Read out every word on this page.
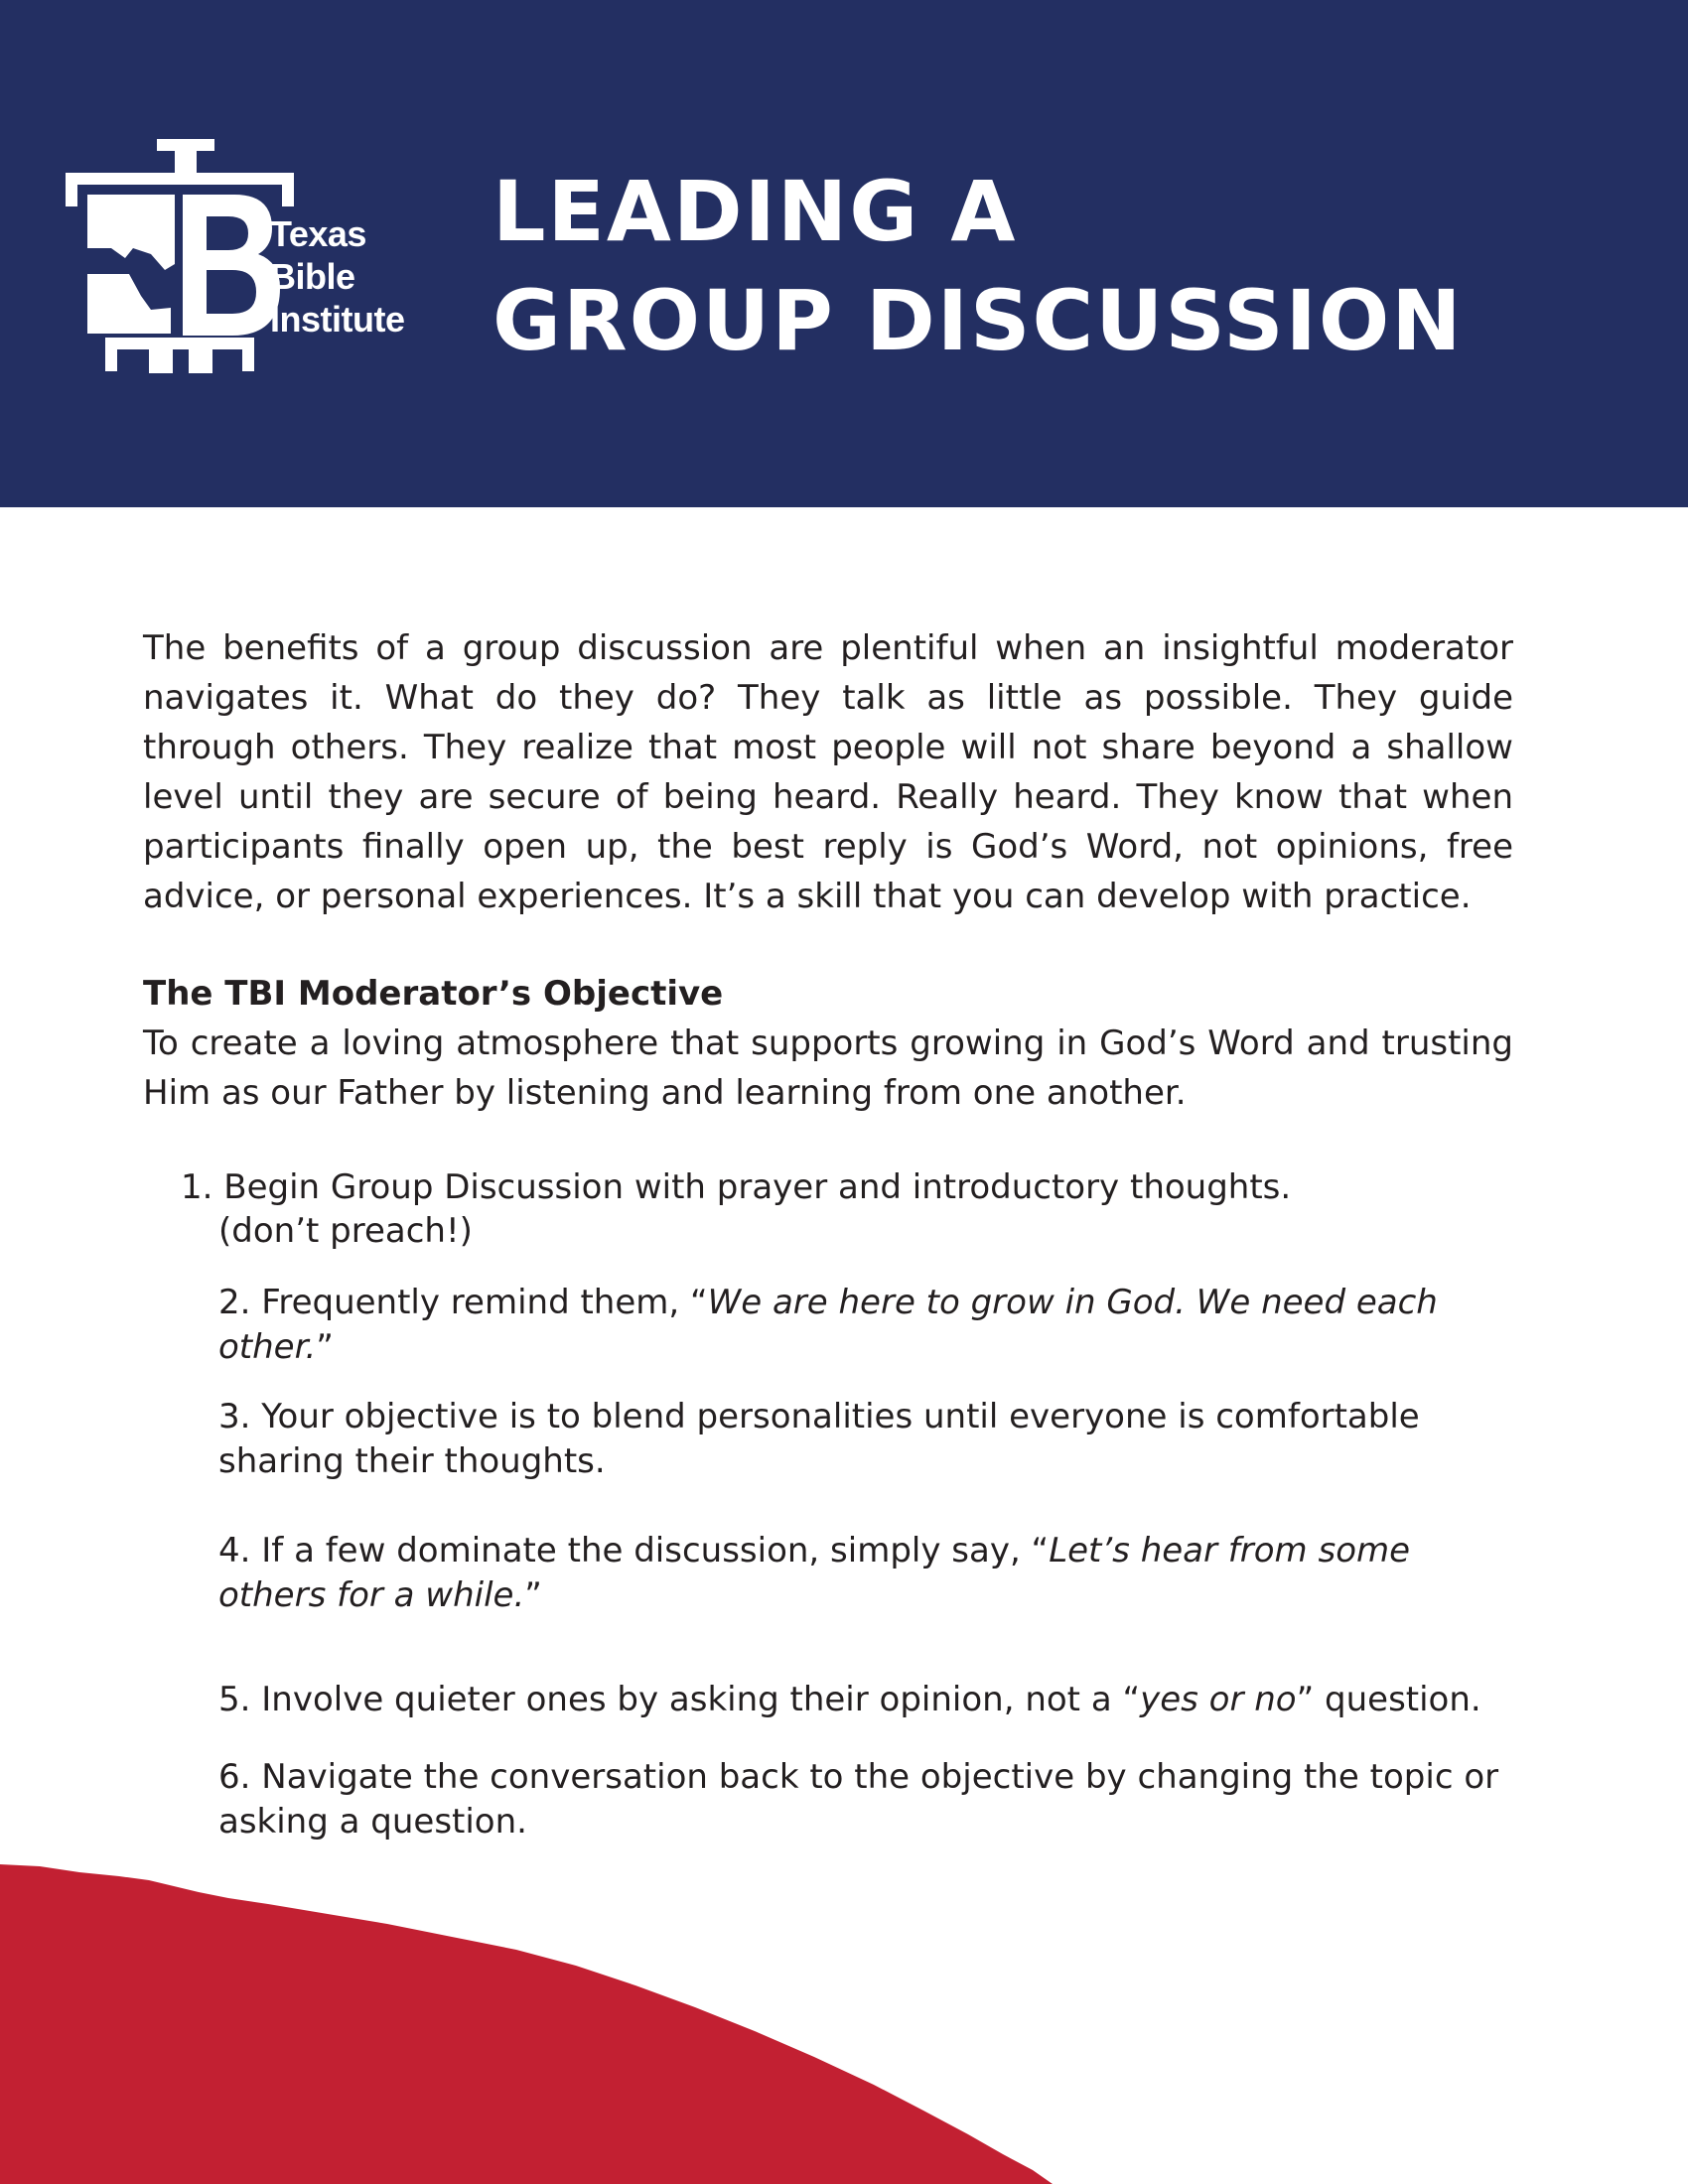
Texas
Bible
Institute
LEADING A
GROUP DISCUSSION

The benefits of a group discussion are plentiful when an insightful moderator navigates it. What do they do? They talk as little as possible. They guide through others. They realize that most people will not share beyond a shallow level until they are secure of being heard. Really heard. They know that when participants finally open up, the best reply is God’s Word, not opinions, free advice, or personal experiences. It’s a skill that you can develop with practice.

The TBI Moderator’s Objective

To create a loving atmosphere that supports growing in God’s Word and trusting Him as our Father by listening and learning from one another.

1. Begin Group Discussion with prayer and introductory thoughts.
(don’t preach!)
2. Frequently remind them, “We are here to grow in God. We need each other.”
3. Your objective is to blend personalities until everyone is comfortable sharing their thoughts.
4. If a few dominate the discussion, simply say, “Let’s hear from some others for a while.”
5. Involve quieter ones by asking their opinion, not a “yes or no” question.
6. Navigate the conversation back to the objective by changing the topic or asking a question.
